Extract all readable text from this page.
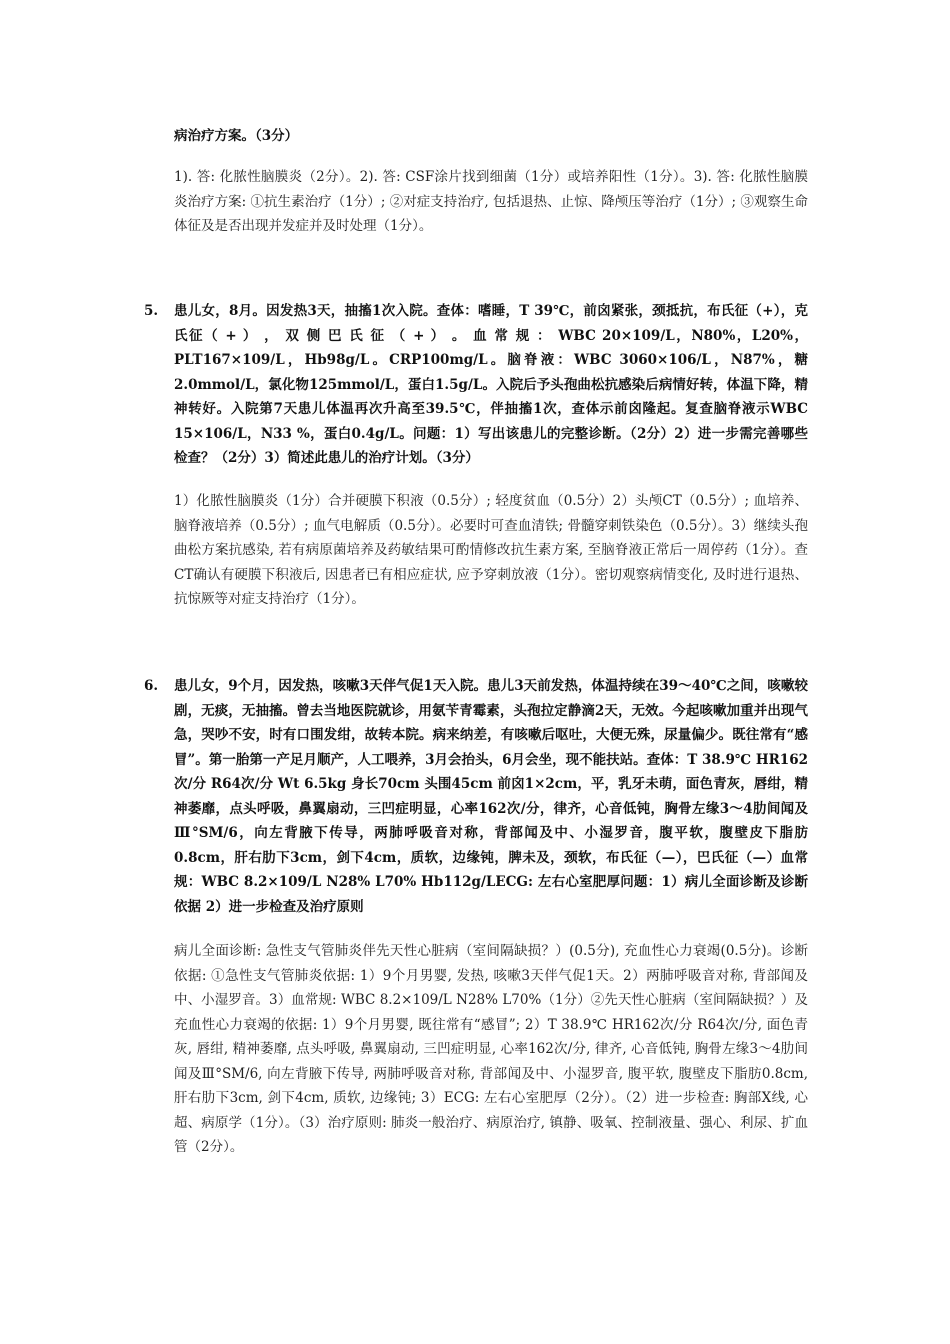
病治疗方案。（3分）
1). 答: 化脓性脑膜炎（2分）。2). 答: CSF涂片找到细菌（1分）或培养阳性（1分）。3). 答: 化脓性脑膜炎治疗方案: ①抗生素治疗（1分）; ②对症支持治疗, 包括退热、止惊、降颅压等治疗（1分）; ③观察生命体征及是否出现并发症并及时处理（1分）。
5. 患儿女，8月。因发热3天，抽搐1次入院。查体：嗜睡，T 39℃，前囟紧张，颈抵抗，布氏征（+），克氏征（ + ） ， 双 侧 巴 氏 征 （ + ） 。 血 常 规 ： WBC 20×109/L，N80%，L20%，PLT167×109/L，Hb98g/L。CRP100mg/L。脑脊液：WBC 3060×106/L，N87%，糖2.0mmol/L，氯化物125mmol/L，蛋白1.5g/L。入院后予头孢曲松抗感染后病情好转，体温下降，精神转好。入院第7天患儿体温再次升高至39.5℃，伴抽搐1次，查体示前囟隆起。复查脑脊液示WBC 15×106/L，N33 %，蛋白0.4g/L。问题：1）写出该患儿的完整诊断。（2分）2）进一步需完善哪些检查？（2分）3）简述此患儿的治疗计划。（3分）
1）化脓性脑膜炎（1分）合并硬膜下积液（0.5分）; 轻度贫血（0.5分）2）头颅CT（0.5分）; 血培养、脑脊液培养（0.5分）; 血气电解质（0.5分）。必要时可查血清铁; 骨髓穿刺铁染色（0.5分）。3）继续头孢曲松方案抗感染, 若有病原菌培养及药敏结果可酌情修改抗生素方案, 至脑脊液正常后一周停药（1分）。查CT确认有硬膜下积液后, 因患者已有相应症状, 应予穿刺放液（1分）。密切观察病情变化, 及时进行退热、抗惊厥等对症支持治疗（1分）。
6. 患儿女，9个月，因发热，咳嗽3天伴气促1天入院。患儿3天前发热，体温持续在39～40℃之间，咳嗽较剧，无痰，无抽搐。曾去当地医院就诊，用氨苄青霉素，头孢拉定静滴2天，无效。今起咳嗽加重并出现气急，哭吵不安，时有口围发绀，故转本院。病来纳差，有咳嗽后呕吐，大便无殊，尿量偏少。既往常有“感冒”。第一胎第一产足月顺产，人工喂养，3月会抬头，6月会坐，现不能扶站。查体：T 38.9℃ HR162次/分 R64次/分 Wt 6.5kg 身长70cm 头围45cm 前囟1×2cm，平，乳牙未萌，面色青灰，唇绀，精神萎靡，点头呼吸，鼻翼扇动，三凹症明显，心率162次/分，律齐，心音低钝，胸骨左缘3～4肋间闻及Ⅲ°SM/6，向左背腋下传导，两肺呼吸音对称，背部闻及中、小湿罗音，腹平软，腹壁皮下脂肪0.8cm，肝右肋下3cm，剑下4cm，质软，边缘钝，脾未及，颈软，布氏征（—），巴氏征（—）血常规：WBC 8.2×109/L N28% L70% Hb112g/LECG: 左右心室肥厚问题：1）病儿全面诊断及诊断依据 2）进一步检查及治疗原则
病儿全面诊断: 急性支气管肺炎伴先天性心脏病（室间隔缺损？）(0.5分), 充血性心力衰竭(0.5分)。诊断依据: ①急性支气管肺炎依据: 1）9个月男婴, 发热, 咳嗽3天伴气促1天。2）两肺呼吸音对称, 背部闻及中、小湿罗音。3）血常规: WBC 8.2×109/L N28% L70%（1分）②先天性心脏病（室间隔缺损？）及充血性心力衰竭的依据: 1）9个月男婴, 既往常有“感冒”; 2）T 38.9℃ HR162次/分 R64次/分, 面色青灰, 唇绀, 精神萎靡, 点头呼吸, 鼻翼扇动, 三凹症明显, 心率162次/分, 律齐, 心音低钝, 胸骨左缘3～4肋间闻及Ⅲ°SM/6, 向左背腋下传导, 两肺呼吸音对称, 背部闻及中、小湿罗音, 腹平软, 腹壁皮下脂肪0.8cm, 肝右肋下3cm, 剑下4cm, 质软, 边缘钝; 3）ECG: 左右心室肥厚（2分）。（2）进一步检查: 胸部X线, 心超、病原学（1分）。（3）治疗原则: 肺炎一般治疗、病原治疗, 镇静、吸氧、控制液量、强心、利尿、扩血管（2分）。
